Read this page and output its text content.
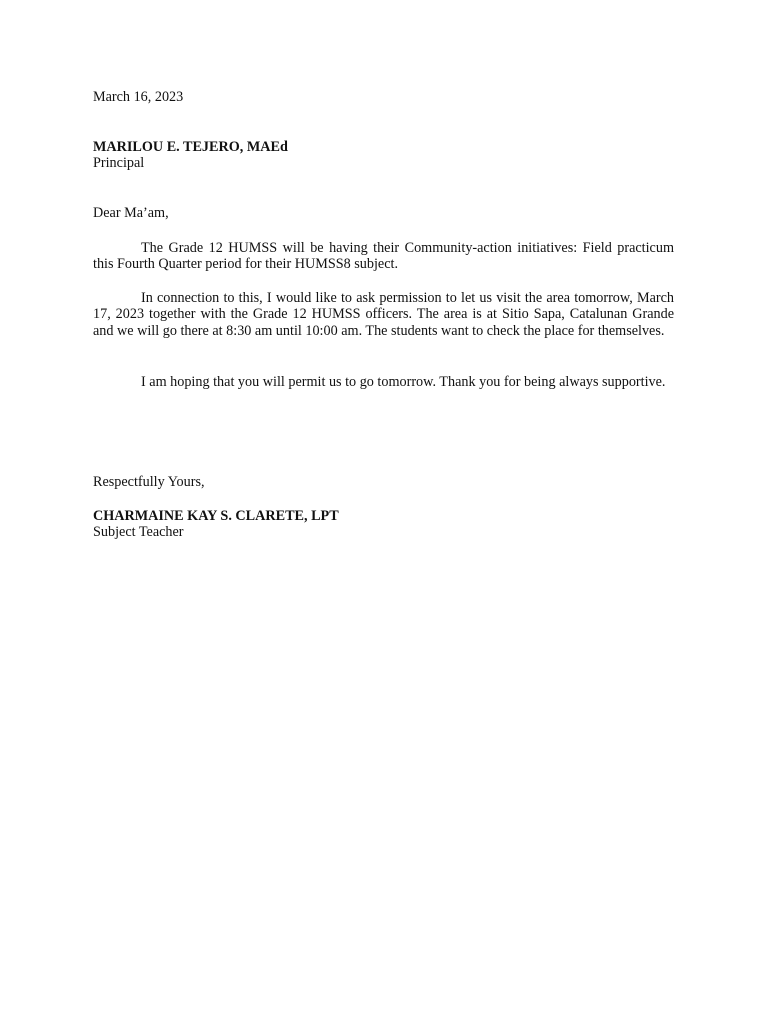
March 16, 2023
MARILOU E. TEJERO, MAEd
Principal
Dear Ma’am,
The Grade 12 HUMSS will be having their Community-action initiatives: Field practicum this Fourth Quarter period for their HUMSS8 subject.
In connection to this, I would like to ask permission to let us visit the area tomorrow, March 17, 2023 together with the Grade 12 HUMSS officers. The area is at Sitio Sapa, Catalunan Grande and we will go there at 8:30 am until 10:00 am. The students want to check the place for themselves.
I am hoping that you will permit us to go tomorrow. Thank you for being always supportive.
Respectfully Yours,
CHARMAINE KAY S. CLARETE, LPT
Subject Teacher
